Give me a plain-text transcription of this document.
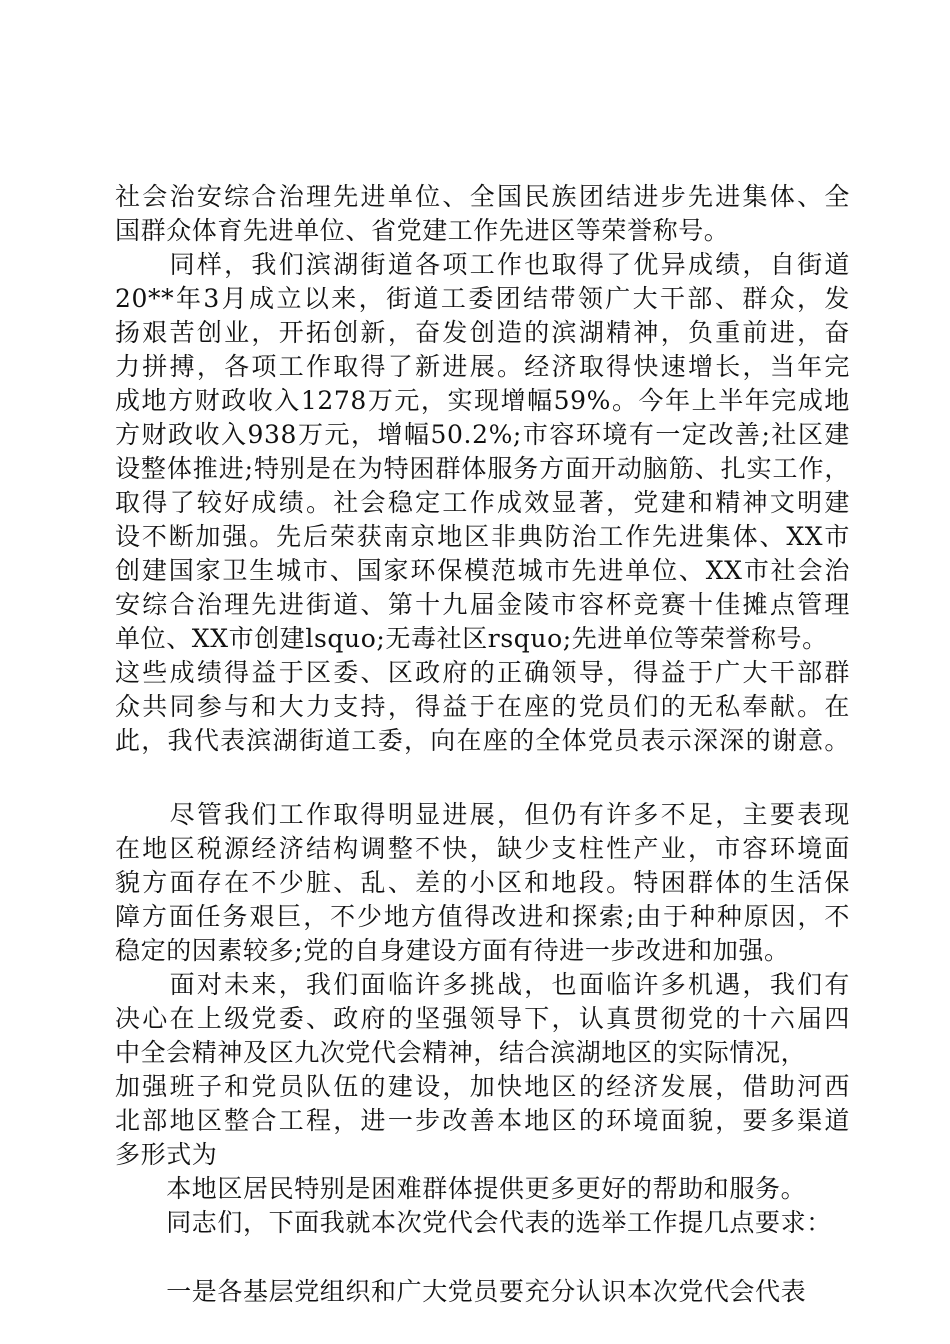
社会治安综合治理先进单位、全国民族团结进步先进集体、全
国群众体育先进单位、省党建工作先进区等荣誉称号。
　　同样，我们滨湖街道各项工作也取得了优异成绩，自街道
20**年3月成立以来，街道工委团结带领广大干部、群众，发
扬艰苦创业，开拓创新，奋发创造的滨湖精神，负重前进，奋
力拼搏，各项工作取得了新进展。经济取得快速增长，当年完
成地方财政收入1278万元，实现增幅59%。今年上半年完成地
方财政收入938万元，增幅50.2%;市容环境有一定改善;社区建
设整体推进;特别是在为特困群体服务方面开动脑筋、扎实工作，
取得了较好成绩。社会稳定工作成效显著，党建和精神文明建
设不断加强。先后荣获南京地区非典防治工作先进集体、XX市
创建国家卫生城市、国家环保模范城市先进单位、XX市社会治
安综合治理先进街道、第十九届金陵市容杯竞赛十佳摊点管理
单位、XX市创建lsquo;无毒社区rsquo;先进单位等荣誉称号。
这些成绩得益于区委、区政府的正确领导，得益于广大干部群
众共同参与和大力支持，得益于在座的党员们的无私奉献。在
此，我代表滨湖街道工委，向在座的全体党员表示深深的谢意。
　　尽管我们工作取得明显进展，但仍有许多不足，主要表现
在地区税源经济结构调整不快，缺少支柱性产业，市容环境面
貌方面存在不少脏、乱、差的小区和地段。特困群体的生活保
障方面任务艰巨，不少地方值得改进和探索;由于种种原因，不
稳定的因素较多;党的自身建设方面有待进一步改进和加强。
　　面对未来，我们面临许多挑战，也面临许多机遇，我们有
决心在上级党委、政府的坚强领导下，认真贯彻党的十六届四
中全会精神及区九次党代会精神，结合滨湖地区的实际情况，
加强班子和党员队伍的建设，加快地区的经济发展，借助河西
北部地区整合工程，进一步改善本地区的环境面貌，要多渠道
多形式为
　　本地区居民特别是困难群体提供更多更好的帮助和服务。
　　同志们，下面我就本次党代会代表的选举工作提几点要求：
　　一是各基层党组织和广大党员要充分认识本次党代会代表
